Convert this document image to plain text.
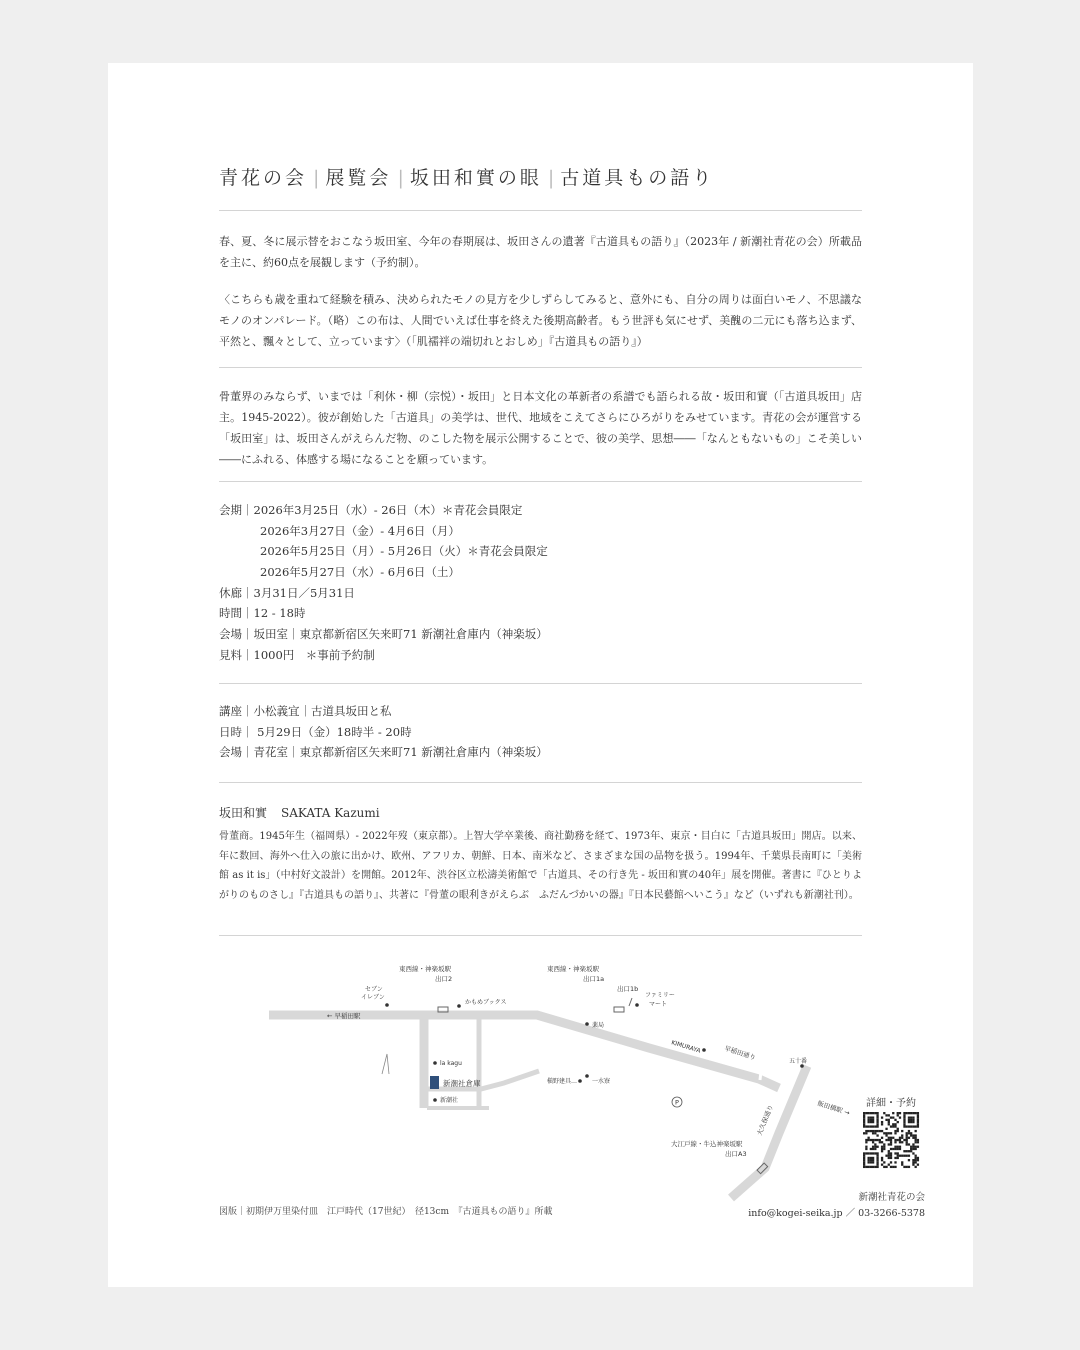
青花の会 | 展覧会 | 坂田和實の眼 | 古道具もの語り
春、夏、冬に展示替をおこなう坂田室、今年の春期展は、坂田さんの遺著『古道具もの語り』（2023年 / 新潮社青花の会）所載品を主に、約60点を展観します（予約制）。
〈こちらも歳を重ねて経験を積み、決められたモノの見方を少しずらしてみると、意外にも、自分の周りは面白いモノ、不思議なモノのオンパレード。（略）この布は、人間でいえば仕事を終えた後期高齢者。もう世評も気にせず、美醜の二元にも落ち込まず、平然と、飄々として、立っています〉（「肌襦袢の端切れとおしめ」『古道具もの語り』）
骨董界のみならず、いまでは「利休・柳（宗悦）・坂田」と日本文化の革新者の系譜でも語られる故・坂田和實（「古道具坂田」店主。1945-2022）。彼が創始した「古道具」の美学は、世代、地域をこえてさらにひろがりをみせています。青花の会が運営する「坂田室」は、坂田さんがえらんだ物、のこした物を展示公開することで、彼の美学、思想――「なんともないもの」こそ美しい――にふれる、体感する場になることを願っています。
会期｜2026年3月25日（水）- 26日（木）＊青花会員限定
2026年3月27日（金）- 4月6日（月）
2026年5月25日（月）- 5月26日（火）＊青花会員限定
2026年5月27日（水）- 6月6日（土）
休廊｜3月31日／5月31日
時間｜12 - 18時
会場｜坂田室｜東京都新宿区矢来町71 新潮社倉庫内（神楽坂）
見料｜1000円　＊事前予約制
講座｜小松義宜｜古道具坂田と私
日時｜ 5月29日（金）18時半 - 20時
会場｜青花室｜東京都新宿区矢来町71 新潮社倉庫内（神楽坂）
坂田和實 SAKATA Kazumi
骨董商。1945年生（福岡県）- 2022年歿（東京都）。上智大学卒業後、商社勤務を経て、1973年、東京・目白に「古道具坂田」開店。以来、年に数回、海外へ仕入の旅に出かけ、欧州、アフリカ、朝鮮、日本、南米など、さまざまな国の品物を扱う。1994年、千葉県長南町に「美術館 as it is」（中村好文設計）を開館。2012年、渋谷区立松濤美術館で「古道具、その行き先 - 坂田和實の40年」展を開催。著書に『ひとりよがりのものさし』『古道具もの語り』、共著に『骨董の眼利きがえらぶ　ふだんづかいの器』『日本民藝館へいこう』など（いずれも新潮社刊）。
P
東西線・神楽坂駅
出口2
東西線・神楽坂駅
出口1a
出口1b
セブン
イレブン
かもめブックス
ファミリー
マート
← 早稲田駅
薬局
KIMURAYA	早稲田通り	五十番
飯田橋駅 →
大久保通り
la kagu
新潮社倉庫
新潮社
一水寮
槇野建具…
大江戸線・牛込神楽坂駅
出口A3
詳細・予約
図版｜初期伊万里染付皿　江戸時代（17世紀）　径13cm　『古道具もの語り』所載
新潮社青花の会
info@kogei-seika.jp ／ 03-3266-5378
